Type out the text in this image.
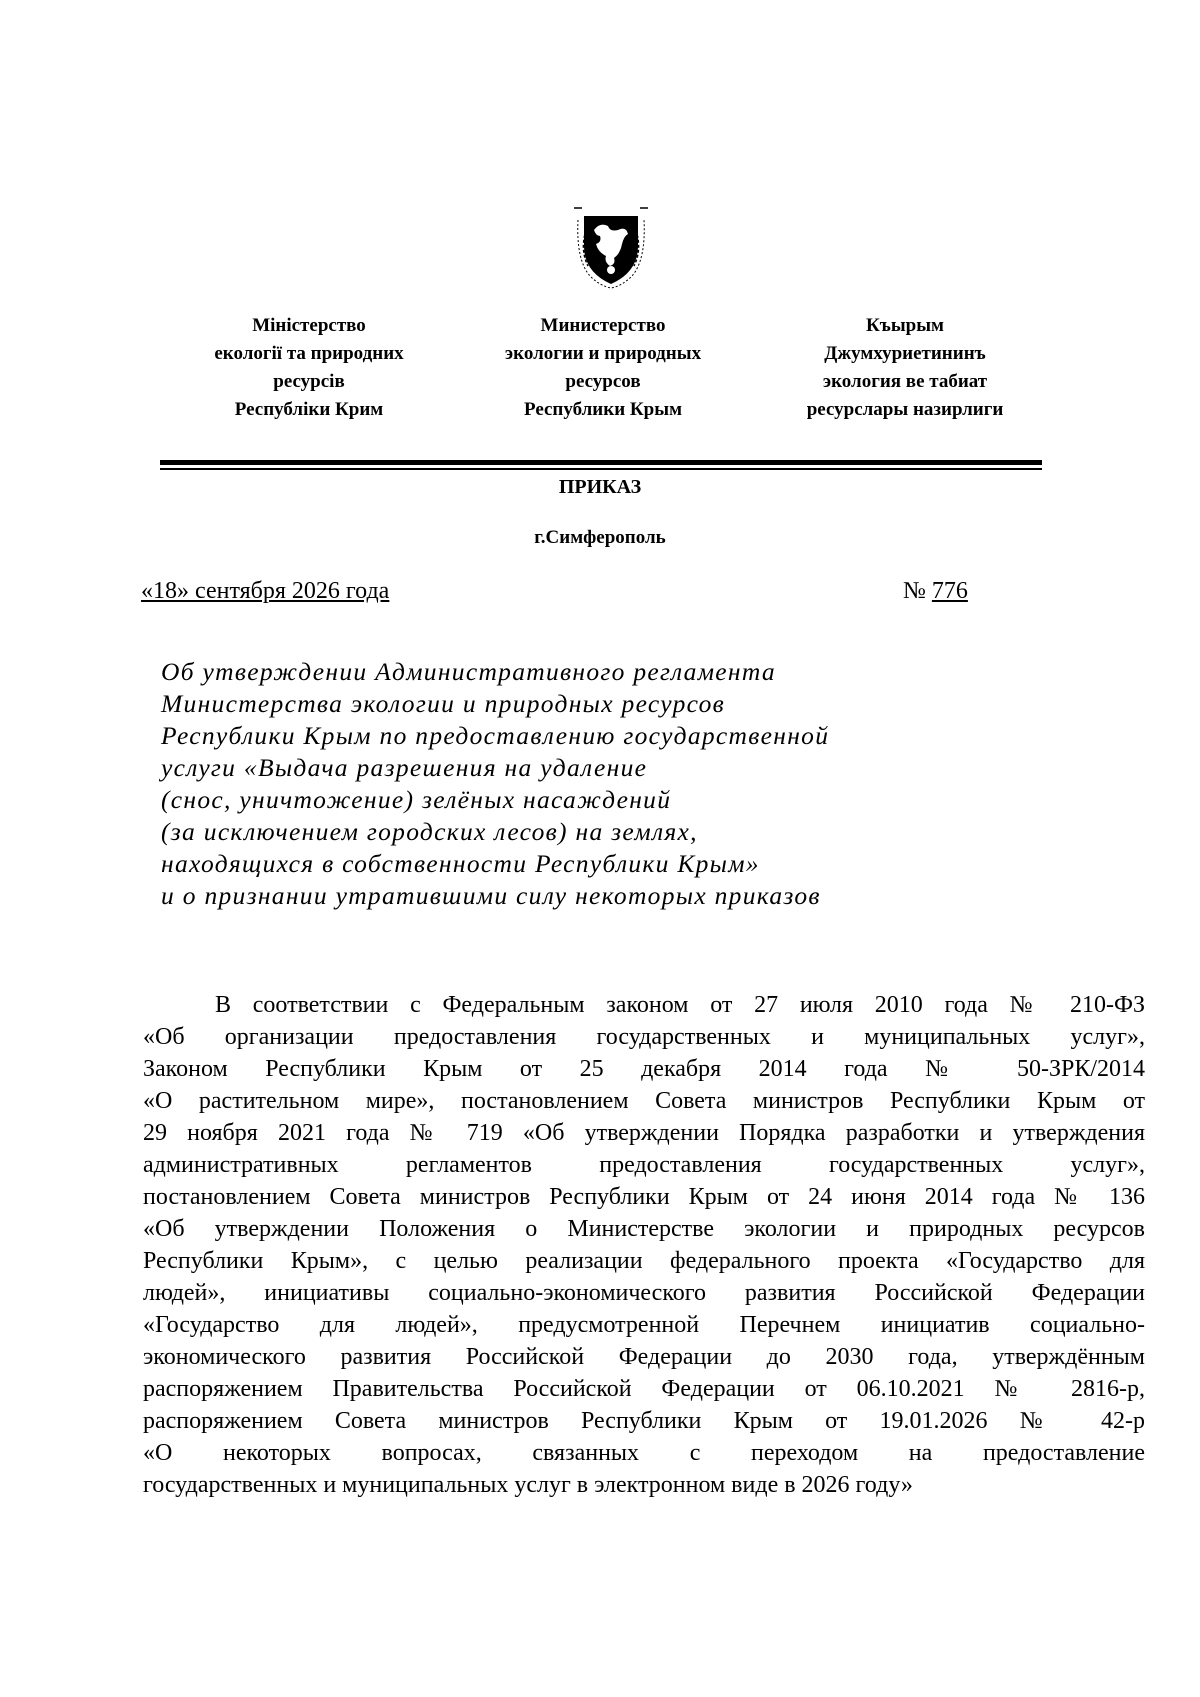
Міністерство
екології та природних
ресурсів
Республіки Крим
Министерство
экологии и природных
ресурсов
Республики Крым
Къырым
Джумхуриетининъ
экология ве табиат
ресурслары назирлиги
ПРИКАЗ
г.Симферополь
«18» сентября 2026 года	№ 776
Об утверждении Административного регламента
Министерства экологии и природных ресурсов
Республики Крым по предоставлению государственной
услуги «Выдача разрешения на удаление
(снос, уничтожение) зелёных насаждений
(за исключением городских лесов) на землях,
находящихся в собственности Республики Крым»
и о признании утратившими силу некоторых приказов
В соответствии с Федеральным законом от 27 июля 2010 года № 210-ФЗ
«Об организации предоставления государственных и муниципальных услуг»,
Законом Республики Крым от 25 декабря 2014 года № 50-ЗРК/2014
«О растительном мире», постановлением Совета министров Республики Крым от
29 ноября 2021 года № 719 «Об утверждении Порядка разработки и утверждения
административных регламентов предоставления государственных услуг»,
постановлением Совета министров Республики Крым от 24 июня 2014 года № 136
«Об утверждении Положения о Министерстве экологии и природных ресурсов
Республики Крым», с целью реализации федерального проекта «Государство для
людей», инициативы социально-экономического развития Российской Федерации
«Государство для людей», предусмотренной Перечнем инициатив социально-
экономического развития Российской Федерации до 2030 года, утверждённым
распоряжением Правительства Российской Федерации от 06.10.2021 № 2816-р,
распоряжением Совета министров Республики Крым от 19.01.2026 № 42-р
«О некоторых вопросах, связанных с переходом на предоставление
государственных и муниципальных услуг в электронном виде в 2026 году»
